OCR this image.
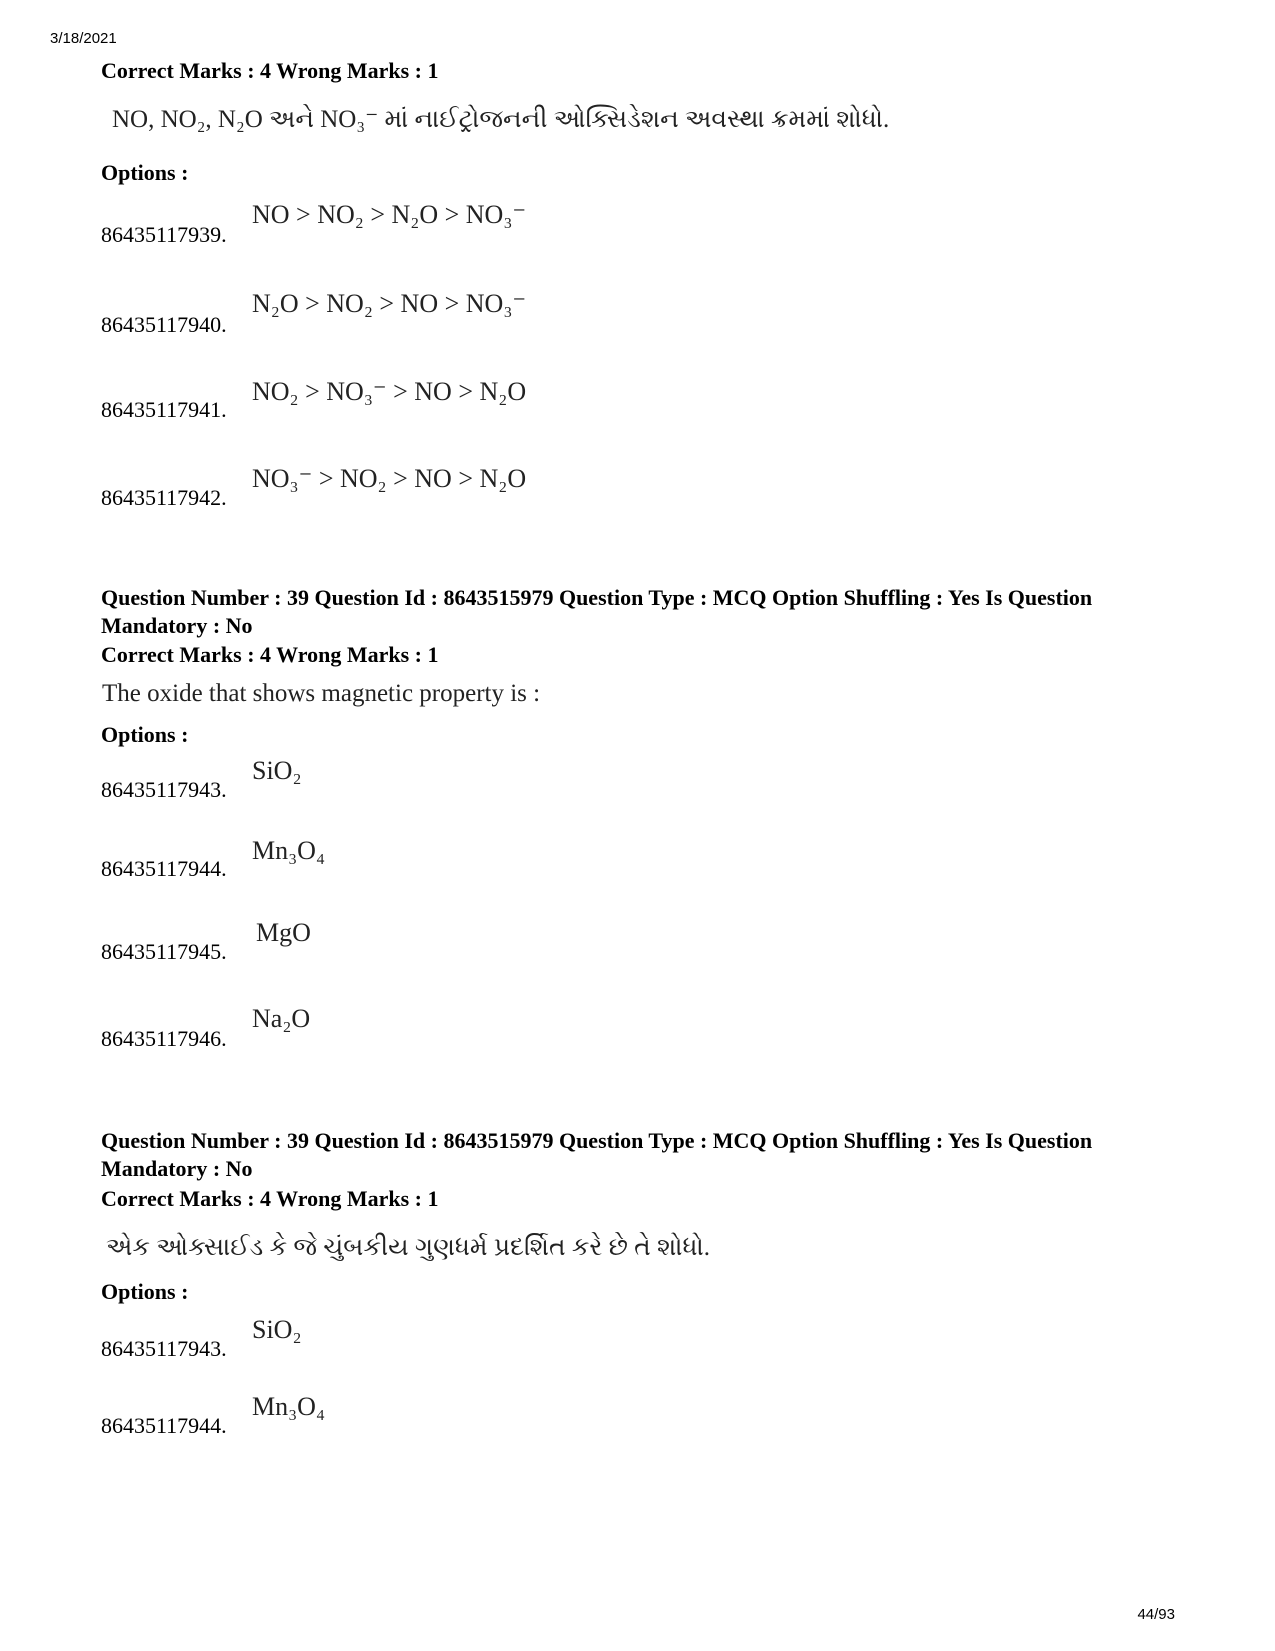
3/18/2021
Correct Marks : 4 Wrong Marks : 1
NO, NO₂, N₂O અને NO₃⁻ માં નાઈટ્રોજનની ઓક્સિડેશન અવસ્થા ક્રમમાં શોધો.
Options :
86435117939.
NO > NO₂ > N₂O > NO₃⁻
86435117940.
N₂O > NO₂ > NO > NO₃⁻
86435117941.
NO₂ > NO₃⁻ > NO > N₂O
86435117942.
NO₃⁻ > NO₂ > NO > N₂O
Question Number : 39 Question Id : 8643515979 Question Type : MCQ Option Shuffling : Yes Is Question Mandatory : No
Correct Marks : 4 Wrong Marks : 1
The oxide that shows magnetic property is :
Options :
86435117943.
SiO₂
86435117944.
Mn₃O₄
86435117945.
MgO
86435117946.
Na₂O
Question Number : 39 Question Id : 8643515979 Question Type : MCQ Option Shuffling : Yes Is Question Mandatory : No
Correct Marks : 4 Wrong Marks : 1
એક ઓક્સાઈડ કે જે ચુંબકીય ગુણધર્મ પ્રદર્શિત કરે છે તે શોધો.
Options :
86435117943.
SiO₂
86435117944.
Mn₃O₄
44/93
